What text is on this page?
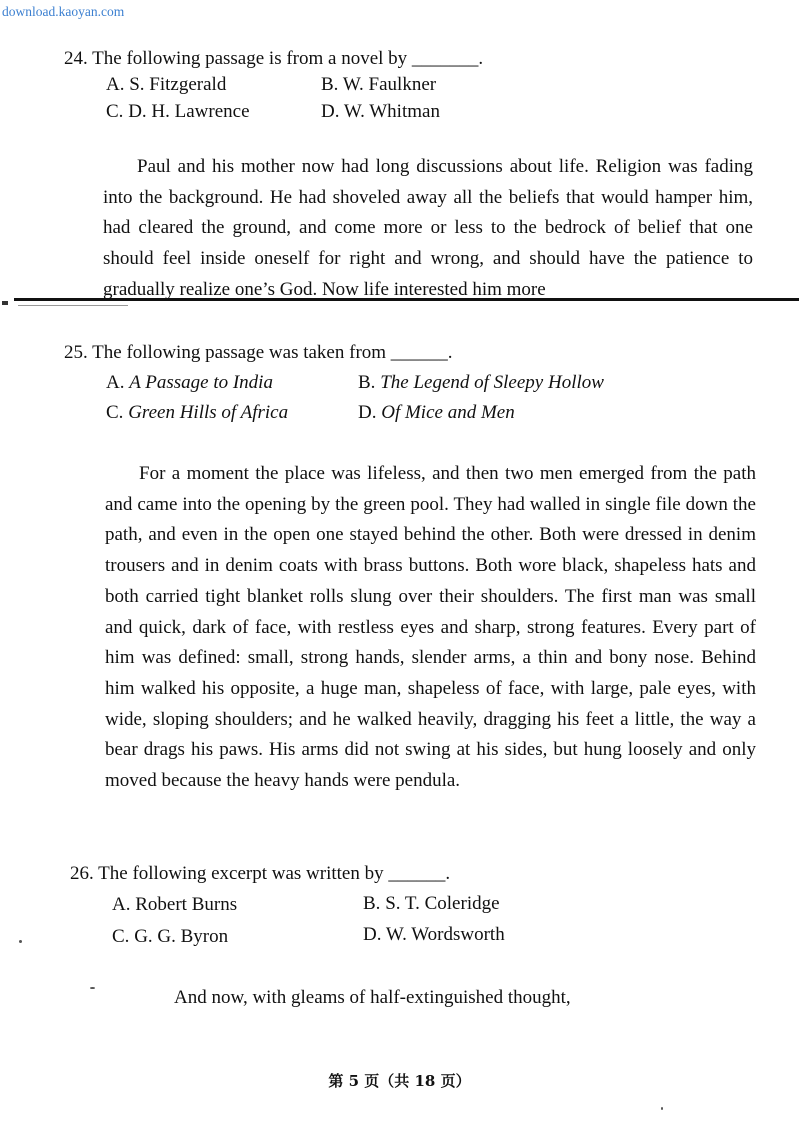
download.kaoyan.com
24. The following passage is from a novel by _______.
A. S. Fitzgerald	B. W. Faulkner
C. D. H. Lawrence	D. W. Whitman
Paul and his mother now had long discussions about life. Religion was fading into the background. He had shoveled away all the beliefs that would hamper him, had cleared the ground, and come more or less to the bedrock of belief that one should feel inside oneself for right and wrong, and should have the patience to gradually realize one’s God. Now life interested him more
25. The following passage was taken from ______.
A. A Passage to India	B. The Legend of Sleepy Hollow
C. Green Hills of Africa	D. Of Mice and Men
For a moment the place was lifeless, and then two men emerged from the path and came into the opening by the green pool. They had walled in single file down the path, and even in the open one stayed behind the other. Both were dressed in denim trousers and in denim coats with brass buttons. Both wore black, shapeless hats and both carried tight blanket rolls slung over their shoulders. The first man was small and quick, dark of face, with restless eyes and sharp, strong features. Every part of him was defined: small, strong hands, slender arms, a thin and bony nose. Behind him walked his opposite, a huge man, shapeless of face, with large, pale eyes, with wide, sloping shoulders; and he walked heavily, dragging his feet a little, the way a bear drags his paws. His arms did not swing at his sides, but hung loosely and only moved because the heavy hands were pendula.
26. The following excerpt was written by ______.
A. Robert Burns	B. S. T. Coleridge
C. G. G. Byron	D. W. Wordsworth
And now, with gleams of half-extinguished thought,
第 5 页（共 18 页）
